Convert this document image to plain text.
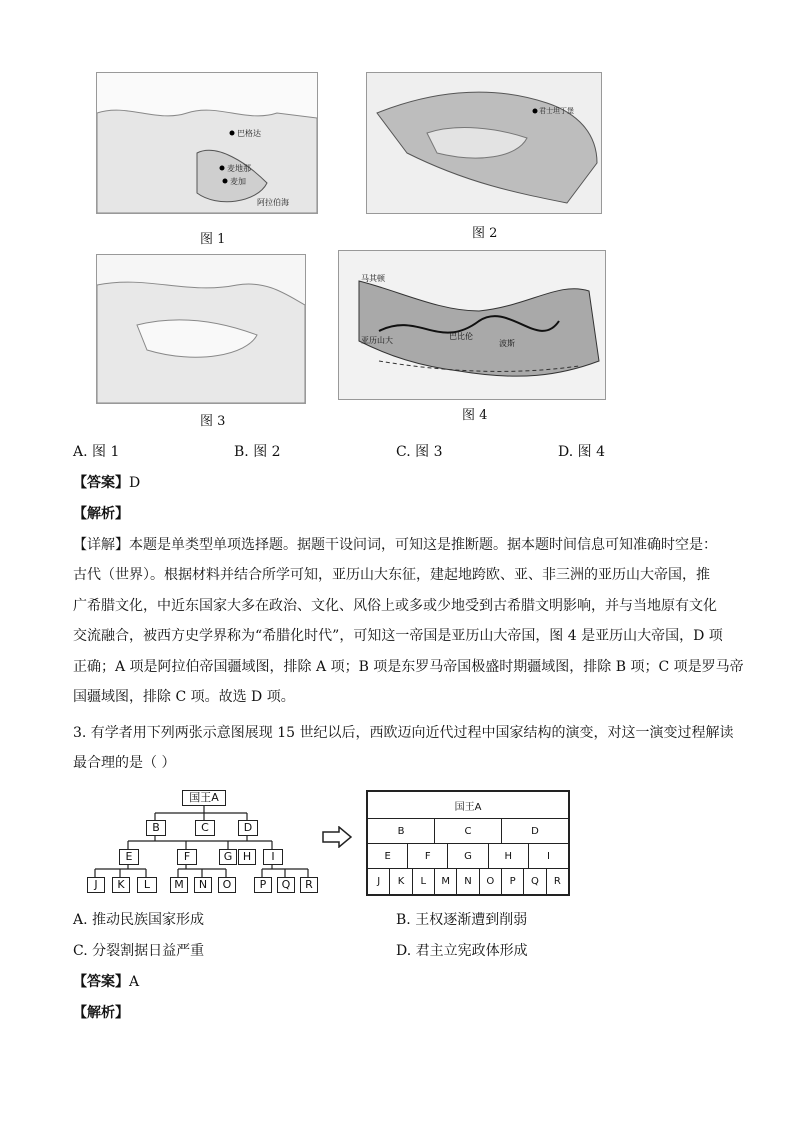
巴格达
麦地那
麦加
阿拉伯海
图 1
君士坦丁堡
图 2
图 3
马其顿
亚历山大	巴比伦
波斯
图 4
A. 图 1	B. 图 2	C. 图 3	D. 图 4
【答案】D
【解析】
【详解】本题是单类型单项选择题。据题干设问词，可知这是推断题。据本题时间信息可知准确时空是：
古代（世界）。根据材料并结合所学可知，亚历山大东征，建起地跨欧、亚、非三洲的亚历山大帝国，推
广希腊文化，中近东国家大多在政治、文化、风俗上或多或少地受到古希腊文明影响，并与当地原有文化
交流融合，被西方史学界称为“希腊化时代”，可知这一帝国是亚历山大帝国，图 4 是亚历山大帝国，D 项
正确；A 项是阿拉伯帝国疆域图，排除 A 项；B 项是东罗马帝国极盛时期疆域图，排除 B 项；C 项是罗马帝
国疆域图，排除 C 项。故选 D 项。
3. 有学者用下列两张示意图展现 15 世纪以后，西欧迈向近代过程中国家结构的演变，对这一演变过程解读
最合理的是（ ）
国王A
B	C	D
E	F	G H	I
J	K	L	M	N	O	P	Q	R
国王A
B	C	D
E	F	G	H	I
J	K	L	M	N	O	P	Q	R
A. 推动民族国家形成	B. 王权逐渐遭到削弱
C. 分裂割据日益严重	D. 君主立宪政体形成
【答案】A
【解析】
